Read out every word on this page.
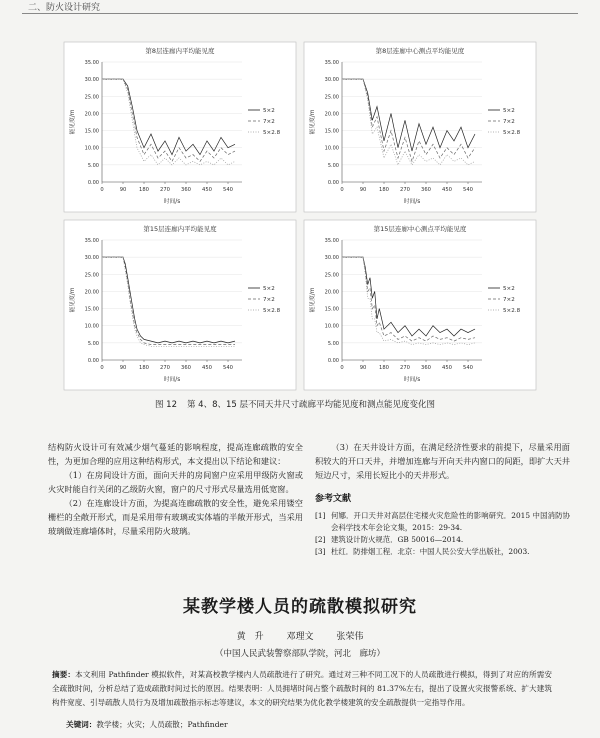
二、防火设计研究
第8层连廊内平均能见度
0.00
5.00
10.00
15.00
20.00
25.00
30.00
35.00
0	90 180 270 360 450 540
时间/s
能见度/m	5×2
7×2
5×2.8
第8层连廊中心测点平均能见度
0.00
5.00
10.00
15.00
20.00
25.00
30.00
35.00
0	90 180 270 360 450 540
时间/s
能见度/m	5×2
7×2
5×2.8
第15层连廊内平均能见度
0.00
5.00
10.00
15.00
20.00
25.00
30.00
35.00
0	90 180 270 360 450 540
时间/s
能见度/m	5×2
7×2
5×2.8
第15层连廊中心测点平均能见度
0.00
5.00
10.00
15.00
20.00
25.00
30.00
35.00
0	90 180 270 360 450 540
时间/s
能见度/m	5×2
7×2
5×2.8
图 12 第 4、8、15 层不同天井尺寸疏廊平均能见度和测点能见度变化图

结构防火设计可有效减少烟气蔓延的影响程度，提高连廊疏散的安全性，为更加合理的应用这种结构形式，本文提出以下结论和建议：

（1）在房间设计方面，面向天井的房间窗户应采用甲级防火窗或火灾时能自行关闭的乙级防火窗，窗户的尺寸形式尽量选用低宽窗。

（2）在连廊设计方面，为提高连廊疏散的安全性，避免采用镂空栅栏的全敞开形式，而是采用带有玻璃或实体墙的半敞开形式，当采用玻璃做连廊墙体时，尽量采用防火玻璃。

（3）在天井设计方面，在满足经济性要求的前提下，尽量采用面积较大的开口天井，并增加连廊与开向天井内窗口的间距，即扩大天井短边尺寸，采用长短比小的天井形式。

参考文献
[1] 何娜．开口天井对高层住宅楼火灾危险性的影响研究．2015 中国消防协会科学技术年会论文集，2015：29-34.
[2] 建筑设计防火规范．GB 50016—2014.
[3] 杜红．防排烟工程．北京：中国人民公安大学出版社，2003.
某教学楼人员的疏散模拟研究
黄　升	邓理文	张荣伟
（中国人民武装警察部队学院，河北　廊坊）
摘要：本文利用 Pathfinder 模拟软件，对某高校教学楼内人员疏散进行了研究。通过对三种不同工况下的人员疏散进行模拟，得到了对应的所需安全疏散时间，分析总结了造成疏散时间过长的原因。结果表明：人员拥堵时间占整个疏散时间的 81.37%左右，提出了设置火灾报警系统、扩大建筑构件宽度、引导疏散人员行为及增加疏散指示标志等建议，本文的研究结果为优化教学楼建筑的安全疏散提供一定指导作用。
关键词：教学楼；火灾；人员疏散；Pathfinder
